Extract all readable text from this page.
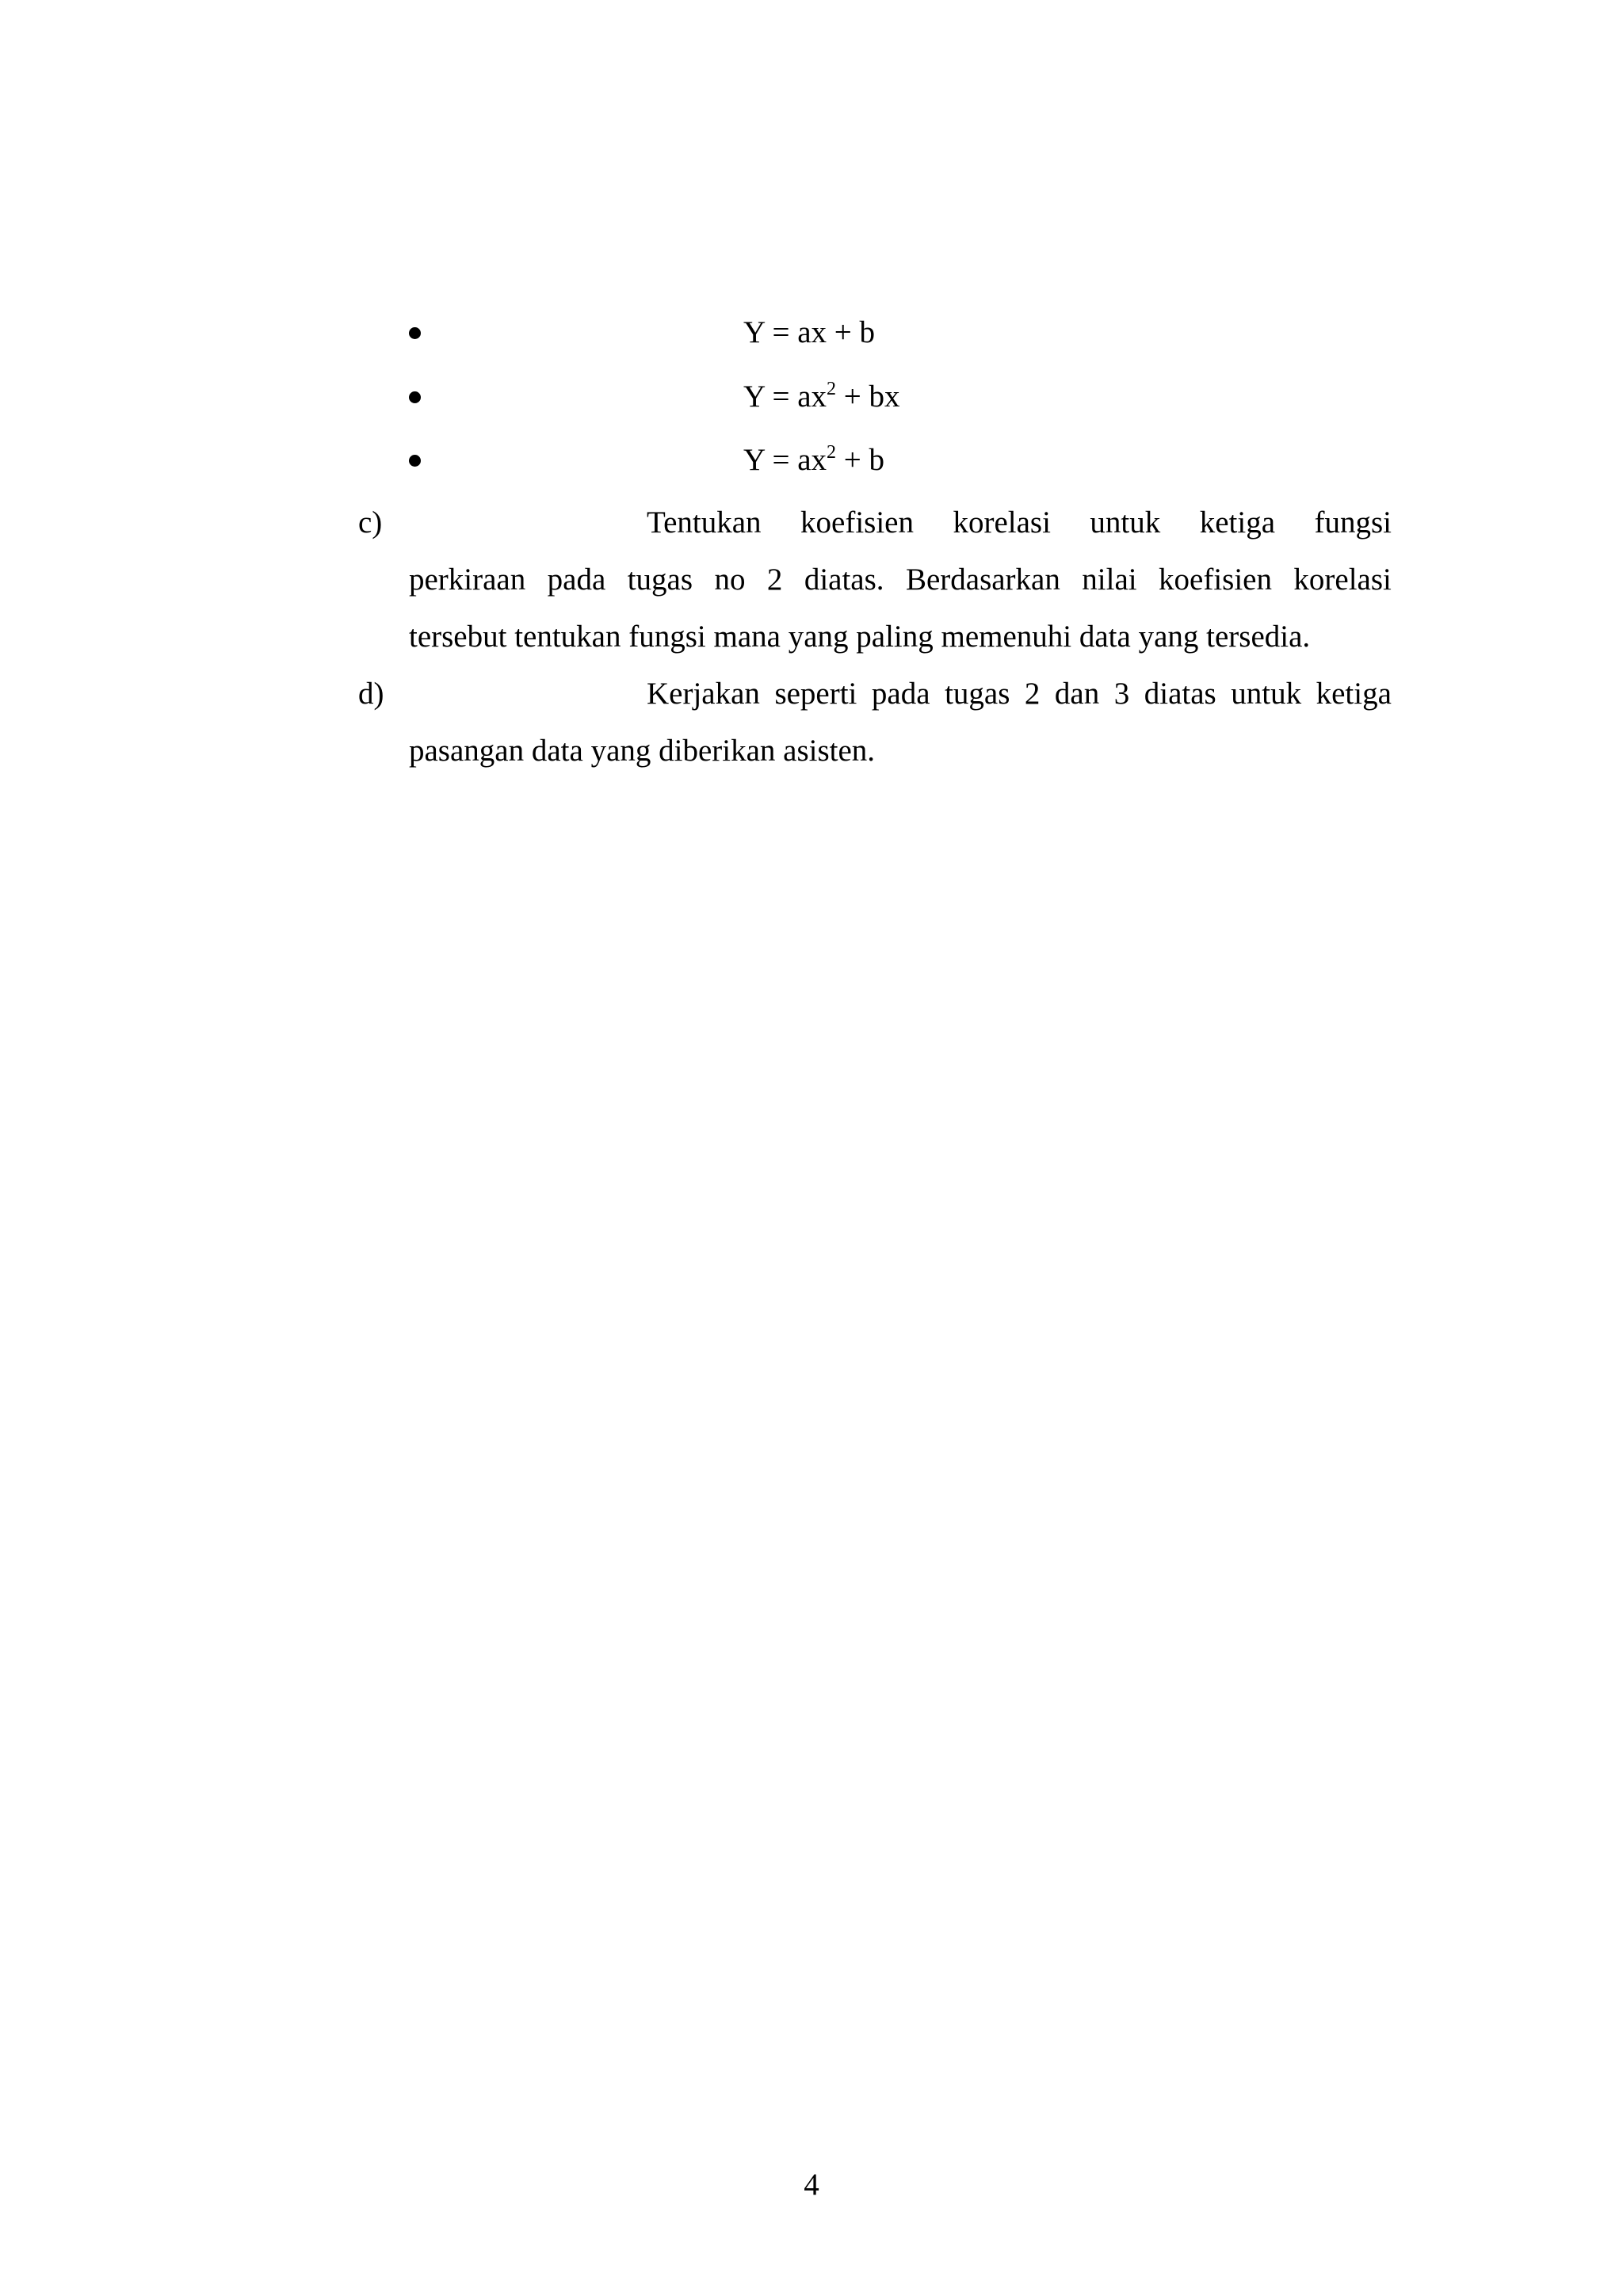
Y = ax + b
$Y = ax^2$ + bx
$Y = ax^2 + b$
c)	Tentukan koefisien korelasi untuk ketiga fungsi
perkiraan pada tugas no 2 diatas. Berdasarkan nilai koefisien korelasi
tersebut tentukan fungsi mana yang paling memenuhi data yang tersedia.
d)	Kerjakan seperti pada tugas 2 dan 3 diatas untuk ketiga
pasangan data yang diberikan asisten.
4
